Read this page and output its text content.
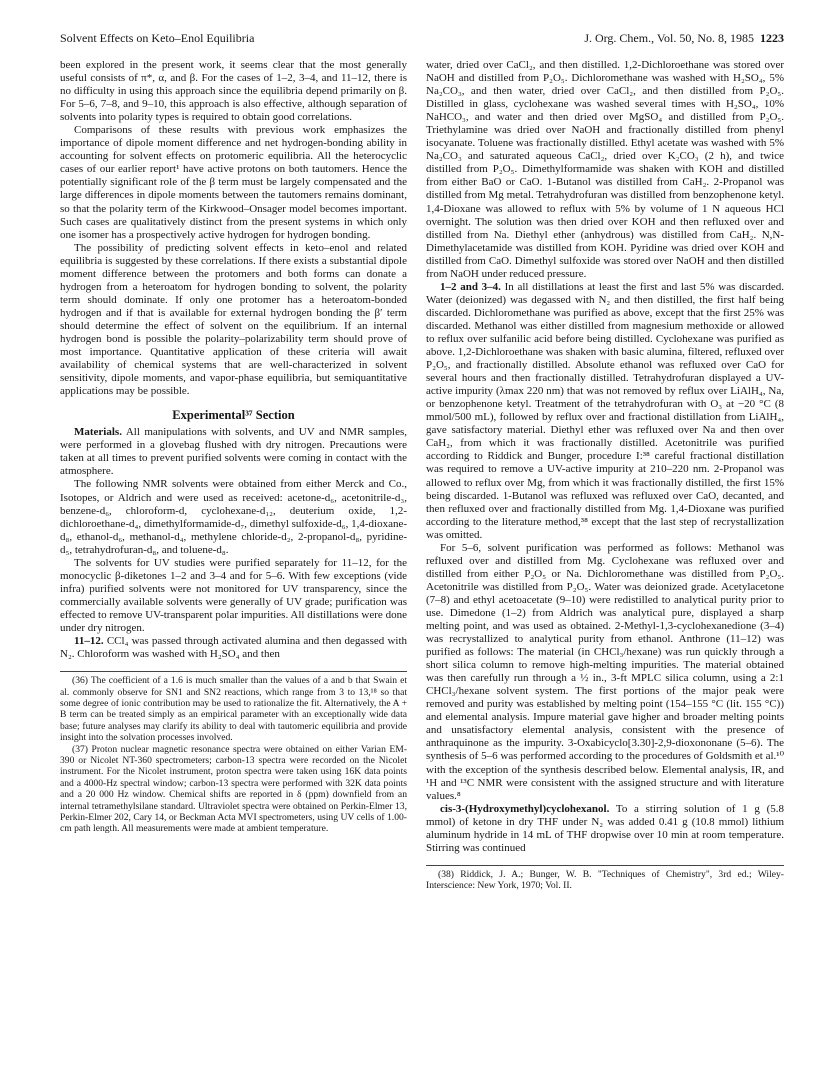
Solvent Effects on Keto–Enol Equilibria	J. Org. Chem., Vol. 50, No. 8, 1985 1223

been explored in the present work, it seems clear that the most generally useful consists of π*, α, and β. For the cases of 1–2, 3–4, and 11–12, there is no difficulty in using this approach since the equilibria depend primarily on β. For 5–6, 7–8, and 9–10, this approach is also effective, although separation of solvents into polarity types is required to obtain good correlations.

Comparisons of these results with previous work emphasizes the importance of dipole moment difference and net hydrogen-bonding ability in accounting for solvent effects on protomeric equilibria. All the heterocyclic cases of our earlier report¹ have active protons on both tautomers. Hence the potentially significant role of the β term must be largely compensated and the large differences in dipole moments between the tautomers remains dominant, so that the polarity term of the Kirkwood–Onsager model becomes important. Such cases are qualitatively distinct from the present systems in which only one isomer has a prospectively active hydrogen for hydrogen bonding.

The possibility of predicting solvent effects in keto–enol and related equilibria is suggested by these correlations. If there exists a substantial dipole moment difference between the protomers and both forms can donate a hydrogen from a heteroatom for hydrogen bonding to solvent, the polarity term should dominate. If only one protomer has a heteroatom-bonded hydrogen and if that is available for external hydrogen bonding the β′ term should determine the effect of solvent on the equilibrium. If an internal hydrogen bond is possible the polarity–polarizability term should prove of most importance. Quantitative application of these criteria will await availability of chemical systems that are well-characterized in solvent sensitivity, dipole moments, and vapor-phase equilibria, but semiquantitative applications may be possible.

Experimental³⁷ Section

Materials. All manipulations with solvents, and UV and NMR samples, were performed in a glovebag flushed with dry nitrogen. Precautions were taken at all times to prevent purified solvents were coming in contact with the atmosphere.

The following NMR solvents were obtained from either Merck and Co., Isotopes, or Aldrich and were used as received: acetone-d₆, acetonitrile-d₃, benzene-d₆, chloroform-d, cyclohexane-d₁₂, deuterium oxide, 1,2-dichloroethane-d₄, dimethylformamide-d₇, dimethyl sulfoxide-d₆, 1,4-dioxane-d₈, ethanol-d₆, methanol-d₄, methylene chloride-d₂, 2-propanol-d₈, pyridine-d₅, tetrahydrofuran-d₈, and toluene-d₈.

The solvents for UV studies were purified separately for 11–12, for the monocyclic β-diketones 1–2 and 3–4 and for 5–6. With few exceptions (vide infra) purified solvents were not monitored for UV transparency, since the commercially available solvents were generally of UV grade; purification was effected to remove UV-transparent polar impurities. All distillations were done under dry nitrogen.

11–12. CCl₄ was passed through activated alumina and then degassed with N₂. Chloroform was washed with H₂SO₄ and then

(36) The coefficient of a 1.6 is much smaller than the values of a and b that Swain et al. commonly observe for SN1 and SN2 reactions, which range from 3 to 13,¹⁸ so that some degree of ionic contribution may be used to rationalize the fit. Alternatively, the A + B term can be treated simply as an empirical parameter with an exceptionally wide data base; future analyses may clarify its ability to deal with tautomeric equilibria and provide insight into the solvation processes involved.

(37) Proton nuclear magnetic resonance spectra were obtained on either Varian EM-390 or Nicolet NT-360 spectrometers; carbon-13 spectra were recorded on the Nicolet instrument. For the Nicolet instrument, proton spectra were taken using 16K data points and a 4000-Hz spectral window; carbon-13 spectra were performed with 32K data points and a 20 000 Hz window. Chemical shifts are reported in δ (ppm) downfield from an internal tetramethylsilane standard. Ultraviolet spectra were obtained on Perkin-Elmer 13, Perkin-Elmer 202, Cary 14, or Beckman Acta MVI spectrometers, using UV cells of 1.00-cm path length. All measurements were made at ambient temperature.

water, dried over CaCl₂, and then distilled. 1,2-Dichloroethane was stored over NaOH and distilled from P₂O₅. Dichloromethane was washed with H₂SO₄, 5% Na₂CO₃, and then water, dried over CaCl₂, and then distilled from P₂O₅. Distilled in glass, cyclohexane was washed several times with H₂SO₄, 10% NaHCO₃, and water and then dried over MgSO₄ and distilled from P₂O₅. Triethylamine was dried over NaOH and fractionally distilled from phenyl isocyanate. Toluene was fractionally distilled. Ethyl acetate was washed with 5% Na₂CO₃ and saturated aqueous CaCl₂, dried over K₂CO₃ (2 h), and twice distilled from P₂O₅. Dimethylformamide was shaken with KOH and distilled from either BaO or CaO. 1-Butanol was distilled from CaH₂. 2-Propanol was distilled from Mg metal. Tetrahydrofuran was distilled from benzophenone ketyl. 1,4-Dioxane was allowed to reflux with 5% by volume of 1 N aqueous HCl overnight. The solution was then dried over KOH and then refluxed over and distilled from Na. Diethyl ether (anhydrous) was distilled from CaH₂. N,N-Dimethylacetamide was distilled from KOH. Pyridine was dried over KOH and distilled from CaO. Dimethyl sulfoxide was stored over NaOH and then distilled from NaOH under reduced pressure.

1–2 and 3–4. In all distillations at least the first and last 5% was discarded. Water (deionized) was degassed with N₂ and then distilled, the first half being discarded. Dichloromethane was purified as above, except that the first 25% was discarded. Methanol was either distilled from magnesium methoxide or allowed to reflux over sulfanilic acid before being distilled. Cyclohexane was purified as above. 1,2-Dichloroethane was shaken with basic alumina, filtered, refluxed over P₂O₅, and fractionally distilled. Absolute ethanol was refluxed over CaO for several hours and then fractionally distilled. Tetrahydrofuran displayed a UV-active impurity (λmax 220 nm) that was not removed by reflux over LiAlH₄, Na, or benzophenone ketyl. Treatment of the tetrahydrofuran with O₃ at −20 °C (8 mmol/500 mL), followed by reflux over and fractional distillation from LiAlH₄, gave satisfactory material. Diethyl ether was refluxed over Na and then over CaH₂, from which it was fractionally distilled. Acetonitrile was purified according to Riddick and Bunger, procedure I:³⁸ careful fractional distillation was required to remove a UV-active impurity at 210–220 nm. 2-Propanol was allowed to reflux over Mg, from which it was fractionally distilled, the first 15% being discarded. 1-Butanol was refluxed was refluxed over CaO, decanted, and then refluxed over and fractionally distilled from Mg. 1,4-Dioxane was purified according to the literature method,³⁸ except that the last step of recrystallization was omitted.

For 5–6, solvent purification was performed as follows: Methanol was refluxed over and distilled from Mg. Cyclohexane was refluxed over and distilled from either P₂O₅ or Na. Dichloromethane was distilled from P₂O₅. Acetonitrile was distilled from P₂O₅. Water was deionized grade. Acetylacetone (7–8) and ethyl acetoacetate (9–10) were redistilled to analytical purity prior to use. Dimedone (1–2) from Aldrich was analytical pure, displayed a sharp melting point, and was used as obtained. 2-Methyl-1,3-cyclohexanedione (3–4) was recrystallized to analytical purity from ethanol. Anthrone (11–12) was purified as follows: The material (in CHCl₃/hexane) was run quickly through a short silica column to remove high-melting impurities. The material obtained was then carefully run through a ½ in., 3-ft MPLC silica column, using a 2:1 CHCl₃/hexane solvent system. The first portions of the major peak were removed and purity was established by melting point (154–155 °C (lit. 155 °C)) and elemental analysis. Impure material gave higher and broader melting points and unsatisfactory elemental analysis, consistent with the presence of anthraquinone as the impurity. 3-Oxabicyclo[3.30]-2,9-dioxononane (5–6). The synthesis of 5–6 was performed according to the procedures of Goldsmith et al.¹⁰ with the exception of the synthesis described below. Elemental analysis, IR, and ¹H and ¹³C NMR were consistent with the assigned structure and with literature values.⁸

cis-3-(Hydroxymethyl)cyclohexanol. To a stirring solution of 1 g (5.8 mmol) of ketone in dry THF under N₂ was added 0.41 g (10.8 mmol) lithium aluminum hydride in 14 mL of THF dropwise over 10 min at room temperature. Stirring was continued

(38) Riddick, J. A.; Bunger, W. B. "Techniques of Chemistry", 3rd ed.; Wiley-Interscience: New York, 1970; Vol. II.
